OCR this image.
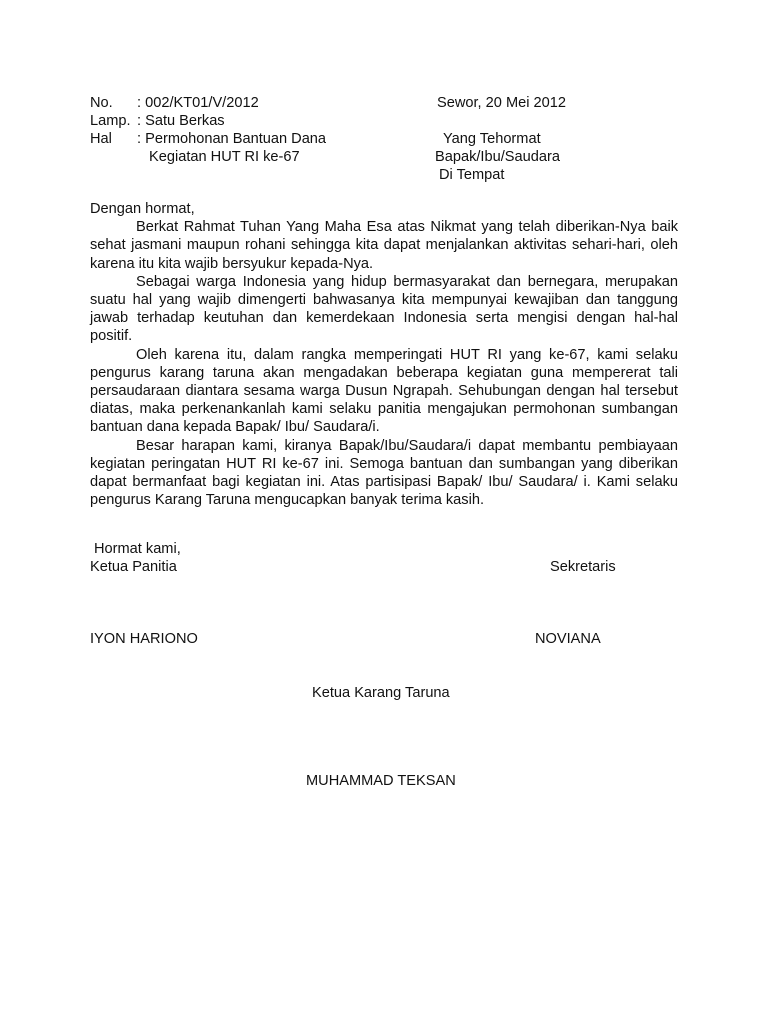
No. : 002/KT01/V/2012	Sewor, 20 Mei 2012
Lamp. : Satu Berkas
Hal : Permohonan Bantuan Dana	Yang Tehormat
Kegiatan HUT RI ke-67	Bapak/Ibu/Saudara
Di Tempat

Dengan hormat,

Berkat Rahmat Tuhan Yang Maha Esa atas Nikmat yang telah diberikan-Nya baik sehat jasmani maupun rohani sehingga kita dapat menjalankan aktivitas sehari-hari, oleh karena itu kita wajib bersyukur kepada-Nya.

Sebagai warga Indonesia yang hidup bermasyarakat dan bernegara, merupakan suatu hal yang wajib dimengerti bahwasanya kita mempunyai kewajiban dan tanggung jawab terhadap keutuhan dan kemerdekaan Indonesia serta mengisi dengan hal-hal positif.

Oleh karena itu, dalam rangka memperingati HUT RI yang ke-67, kami selaku pengurus karang taruna akan mengadakan beberapa kegiatan guna mempererat tali persaudaraan diantara sesama warga Dusun Ngrapah. Sehubungan dengan hal tersebut diatas, maka perkenankanlah kami selaku panitia mengajukan permohonan sumbangan bantuan dana kepada Bapak/ Ibu/ Saudara/i.

Besar harapan kami, kiranya Bapak/Ibu/Saudara/i dapat membantu pembiayaan kegiatan peringatan HUT RI ke-67 ini. Semoga bantuan dan sumbangan yang diberikan dapat bermanfaat bagi kegiatan ini. Atas partisipasi Bapak/ Ibu/ Saudara/ i. Kami selaku pengurus Karang Taruna mengucapkan banyak terima kasih.

Hormat kami,
Ketua Panitia	Sekretaris
IYON HARIONO	NOVIANA
Ketua Karang Taruna
MUHAMMAD TEKSAN
